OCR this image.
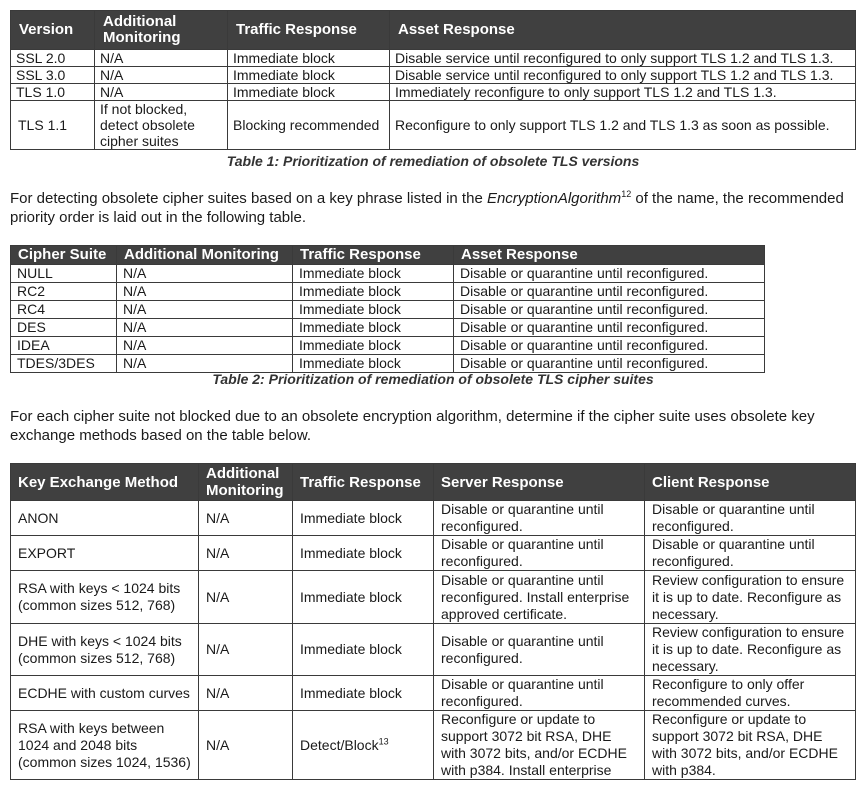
Version	Additional Monitoring	Traffic Response	Asset Response
SSL 2.0	N/A	Immediate block	Disable service until reconfigured to only support TLS 1.2 and TLS 1.3.
SSL 3.0	N/A	Immediate block	Disable service until reconfigured to only support TLS 1.2 and TLS 1.3.
TLS 1.0	N/A	Immediate block	Immediately reconfigure to only support TLS 1.2 and TLS 1.3.
TLS 1.1	If not blocked, detect obsolete cipher suites	Blocking recommended	Reconfigure to only support TLS 1.2 and TLS 1.3 as soon as possible.
Table 1: Prioritization of remediation of obsolete TLS versions
For detecting obsolete cipher suites based on a key phrase listed in the EncryptionAlgorithm$^{12}$ of the name, the recommended priority order is laid out in the following table.
Cipher Suite	Additional Monitoring	Traffic Response	Asset Response
NULL	N/A	Immediate block	Disable or quarantine until reconfigured.
RC2	N/A	Immediate block	Disable or quarantine until reconfigured.
RC4	N/A	Immediate block	Disable or quarantine until reconfigured.
DES	N/A	Immediate block	Disable or quarantine until reconfigured.
IDEA	N/A	Immediate block	Disable or quarantine until reconfigured.
TDES/3DES	N/A	Immediate block	Disable or quarantine until reconfigured.
Table 2: Prioritization of remediation of obsolete TLS cipher suites
For each cipher suite not blocked due to an obsolete encryption algorithm, determine if the cipher suite uses obsolete key exchange methods based on the table below.
Key Exchange Method	Additional Monitoring	Traffic Response	Server Response	Client Response
ANON	N/A	Immediate block	Disable or quarantine until reconfigured.	Disable or quarantine until reconfigured.
EXPORT	N/A	Immediate block	Disable or quarantine until reconfigured.	Disable or quarantine until reconfigured.
RSA with keys < 1024 bits (common sizes 512, 768)	N/A	Immediate block	Disable or quarantine until reconfigured. Install enterprise approved certificate.	Review configuration to ensure it is up to date. Reconfigure as necessary.
DHE with keys < 1024 bits (common sizes 512, 768)	N/A	Immediate block	Disable or quarantine until reconfigured.	Review configuration to ensure it is up to date. Reconfigure as necessary.
ECDHE with custom curves	N/A	Immediate block	Disable or quarantine until reconfigured.	Reconfigure to only offer recommended curves.
RSA with keys between 1024 and 2048 bits (common sizes 1024, 1536)	N/A	Detect/Block$^{13}$	Reconfigure or update to support 3072 bit RSA, DHE with 3072 bits, and/or ECDHE with p384. Install enterprise	Reconfigure or update to support 3072 bit RSA, DHE with 3072 bits, and/or ECDHE with p384.
